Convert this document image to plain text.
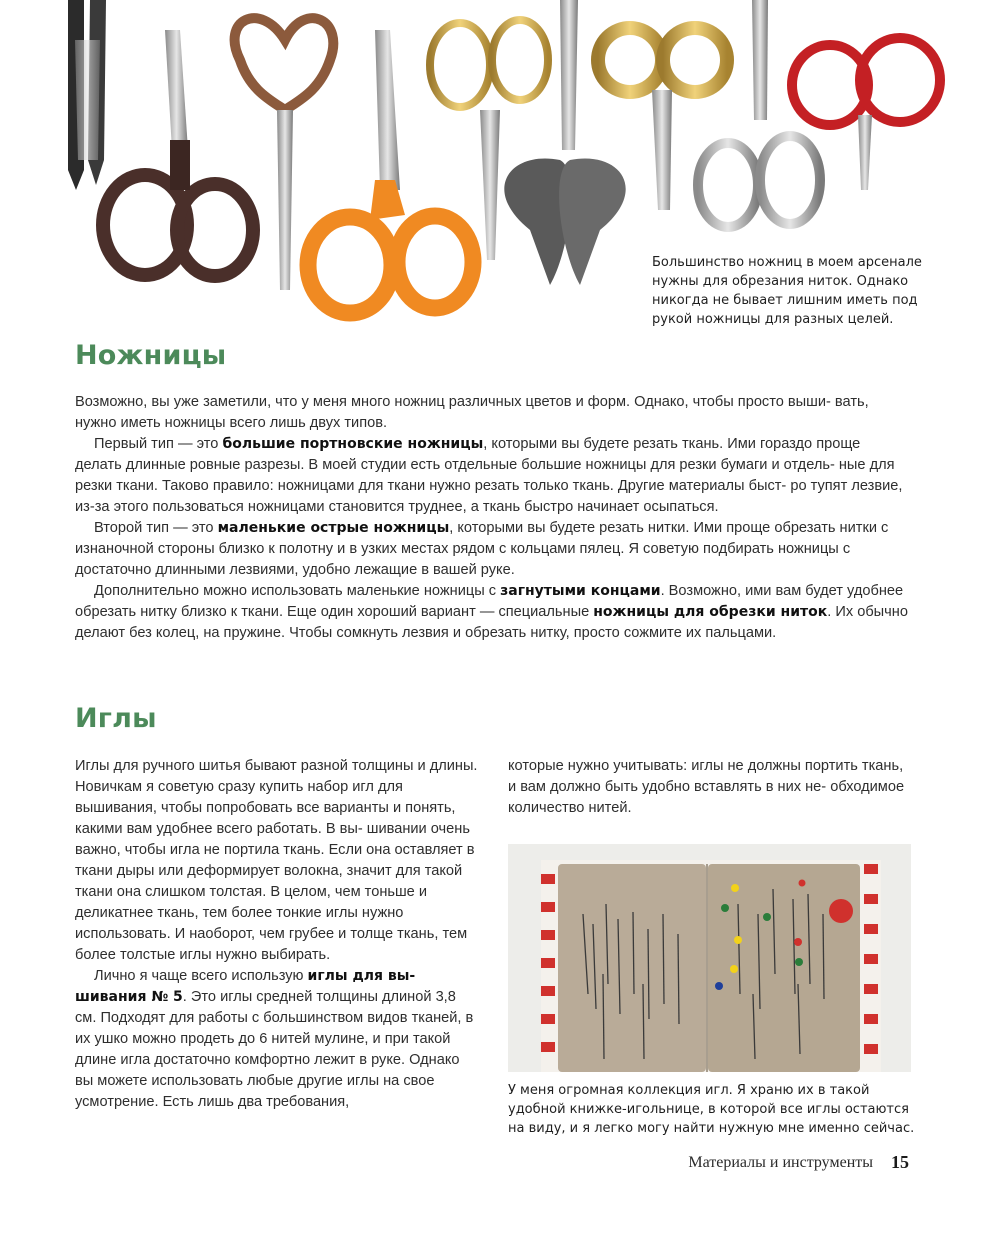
Большинство ножниц в моем арсенале нужны для обрезания ниток. Однако никогда не бывает лишним иметь под рукой ножницы для разных целей.
Ножницы

Возможно, вы уже заметили, что у меня много ножниц различных цветов и форм. Однако, чтобы просто выши- вать, нужно иметь ножницы всего лишь двух типов.

Первый тип — это большие портновские ножницы, которыми вы будете резать ткань. Ими гораздо проще делать длинные ровные разрезы. В моей студии есть отдельные большие ножницы для резки бумаги и отдель- ные для резки ткани. Таково правило: ножницами для ткани нужно резать только ткань. Другие материалы быст- ро тупят лезвие, из-за этого пользоваться ножницами становится труднее, а ткань быстро начинает осыпаться.

Второй тип — это маленькие острые ножницы, которыми вы будете резать нитки. Ими проще обрезать нитки с изнаночной стороны близко к полотну и в узких местах рядом с кольцами пялец. Я советую подбирать ножницы с достаточно длинными лезвиями, удобно лежащие в вашей руке.

Дополнительно можно использовать маленькие ножницы с загнутыми концами. Возможно, ими вам будет удобнее обрезать нитку близко к ткани. Еще один хороший вариант — специальные ножницы для обрезки ниток. Их обычно делают без колец, на пружине. Чтобы сомкнуть лезвия и обрезать нитку, просто сожмите их пальцами.

Иглы

Иглы для ручного шитья бывают разной толщины и длины. Новичкам я советую сразу купить набор игл для вышивания, чтобы попробовать все варианты и понять, какими вам удобнее всего работать. В вы- шивании очень важно, чтобы игла не портила ткань. Если она оставляет в ткани дыры или деформирует волокна, значит для такой ткани она слишком толстая. В целом, чем тоньше и деликатнее ткань, тем более тонкие иглы нужно использовать. И наоборот, чем грубее и толще ткань, тем более толстые иглы нужно выбирать.

Лично я чаще всего использую иглы для вы- шивания № 5. Это иглы средней толщины длиной 3,8 см. Подходят для работы с большинством видов тканей, в их ушко можно продеть до 6 нитей мулине, и при такой длине игла достаточно комфортно лежит в руке. Однако вы можете использовать любые другие иглы на свое усмотрение. Есть лишь два требования,

которые нужно учитывать: иглы не должны портить ткань, и вам должно быть удобно вставлять в них не- обходимое количество нитей.

У меня огромная коллекция игл. Я храню их в такой удобной книжке-игольнице, в которой все иглы остаются на виду, и я легко могу найти нужную мне именно сейчас.
Материалы и инструменты 15
